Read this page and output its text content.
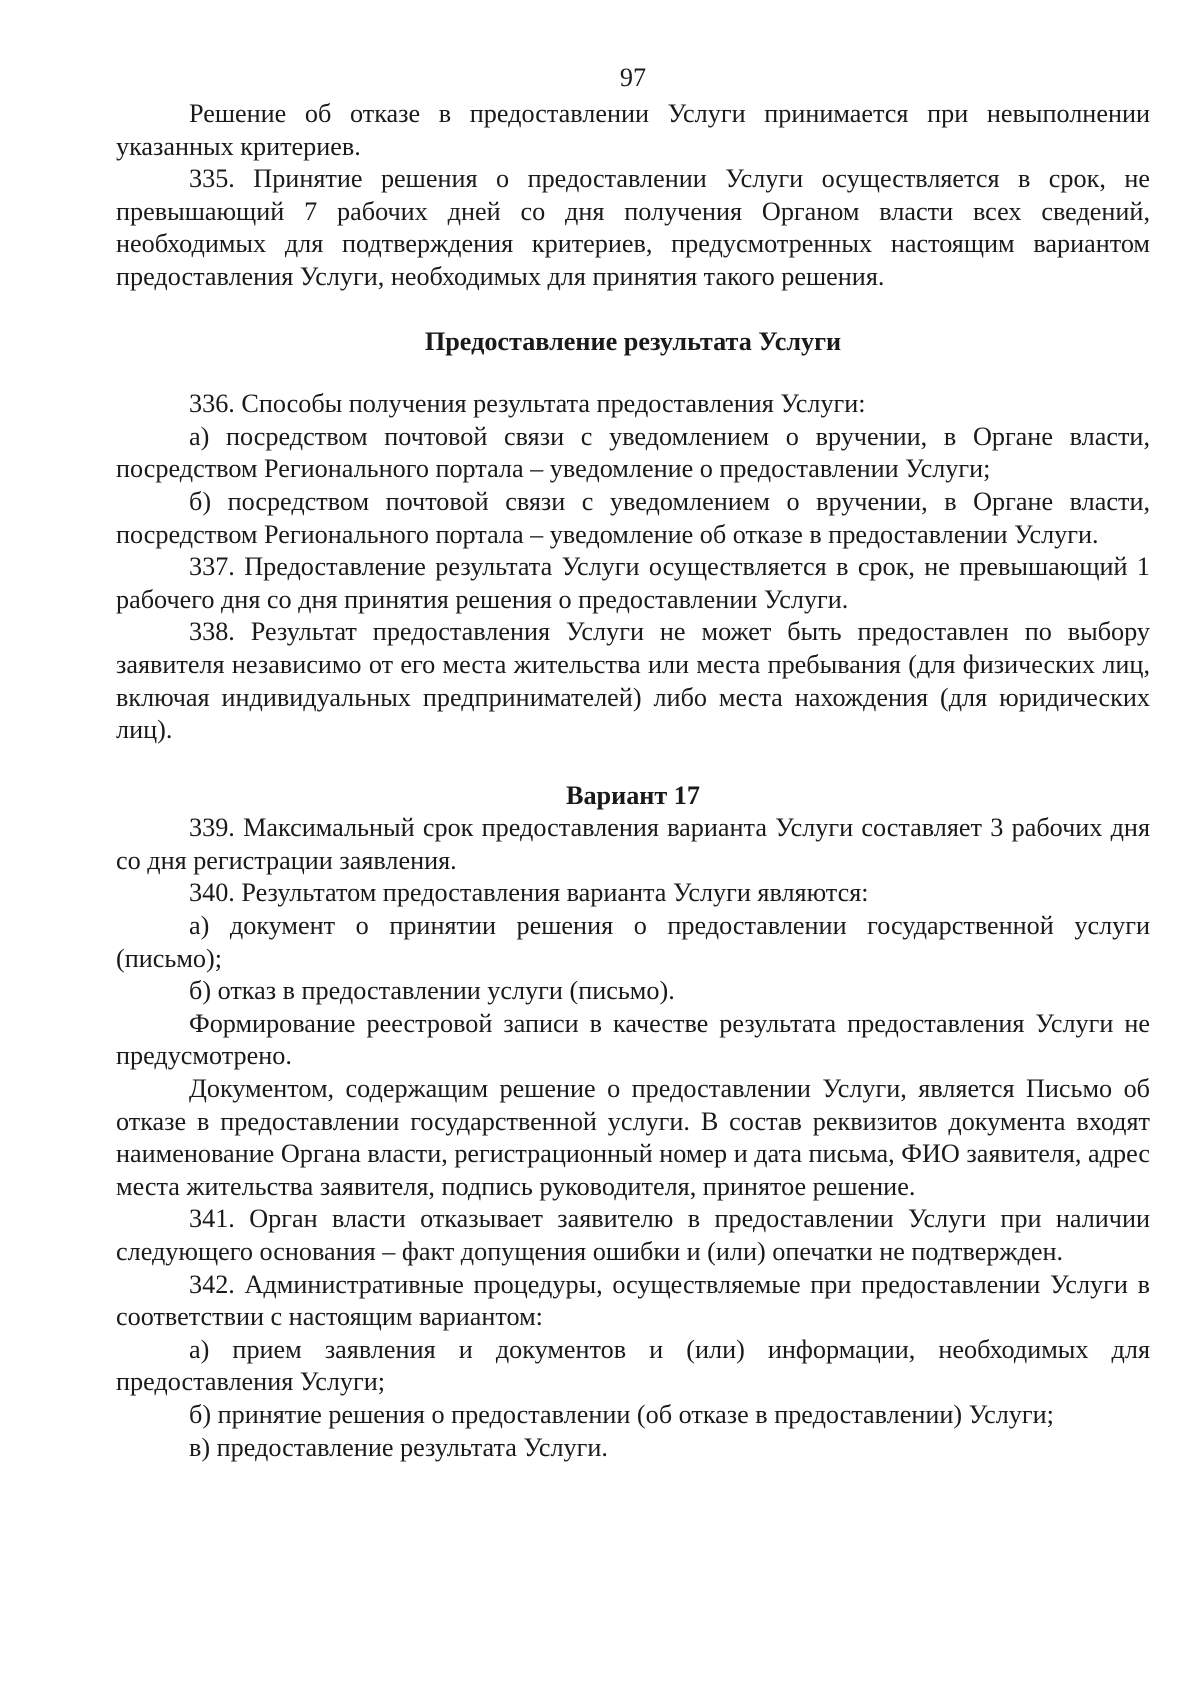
97

Решение об отказе в предоставлении Услуги принимается при невыполнении указанных критериев.

335. Принятие решения о предоставлении Услуги осуществляется в срок, не превышающий 7 рабочих дней со дня получения Органом власти всех сведений, необходимых для подтверждения критериев, предусмотренных настоящим вариантом предоставления Услуги, необходимых для принятия такого решения.

Предоставление результата Услуги

336. Способы получения результата предоставления Услуги:

а) посредством почтовой связи с уведомлением о вручении, в Органе власти, посредством Регионального портала – уведомление о предоставлении Услуги;

б) посредством почтовой связи с уведомлением о вручении, в Органе власти, посредством Регионального портала – уведомление об отказе в предоставлении Услуги.

337. Предоставление результата Услуги осуществляется в срок, не превышающий 1 рабочего дня со дня принятия решения о предоставлении Услуги.

338. Результат предоставления Услуги не может быть предоставлен по выбору заявителя независимо от его места жительства или места пребывания (для физических лиц, включая индивидуальных предпринимателей) либо места нахождения (для юридических лиц).

Вариант 17

339. Максимальный срок предоставления варианта Услуги составляет 3 рабочих дня со дня регистрации заявления.

340. Результатом предоставления варианта Услуги являются:

а) документ о принятии решения о предоставлении государственной услуги (письмо);

б) отказ в предоставлении услуги (письмо).

Формирование реестровой записи в качестве результата предоставления Услуги не предусмотрено.

Документом, содержащим решение о предоставлении Услуги, является Письмо об отказе в предоставлении государственной услуги. В состав реквизитов документа входят наименование Органа власти, регистрационный номер и дата письма, ФИО заявителя, адрес места жительства заявителя, подпись руководителя, принятое решение.

341. Орган власти отказывает заявителю в предоставлении Услуги при наличии следующего основания – факт допущения ошибки и (или) опечатки не подтвержден.

342. Административные процедуры, осуществляемые при предоставлении Услуги в соответствии с настоящим вариантом:

а) прием заявления и документов и (или) информации, необходимых для предоставления Услуги;

б) принятие решения о предоставлении (об отказе в предоставлении) Услуги;

в) предоставление результата Услуги.
